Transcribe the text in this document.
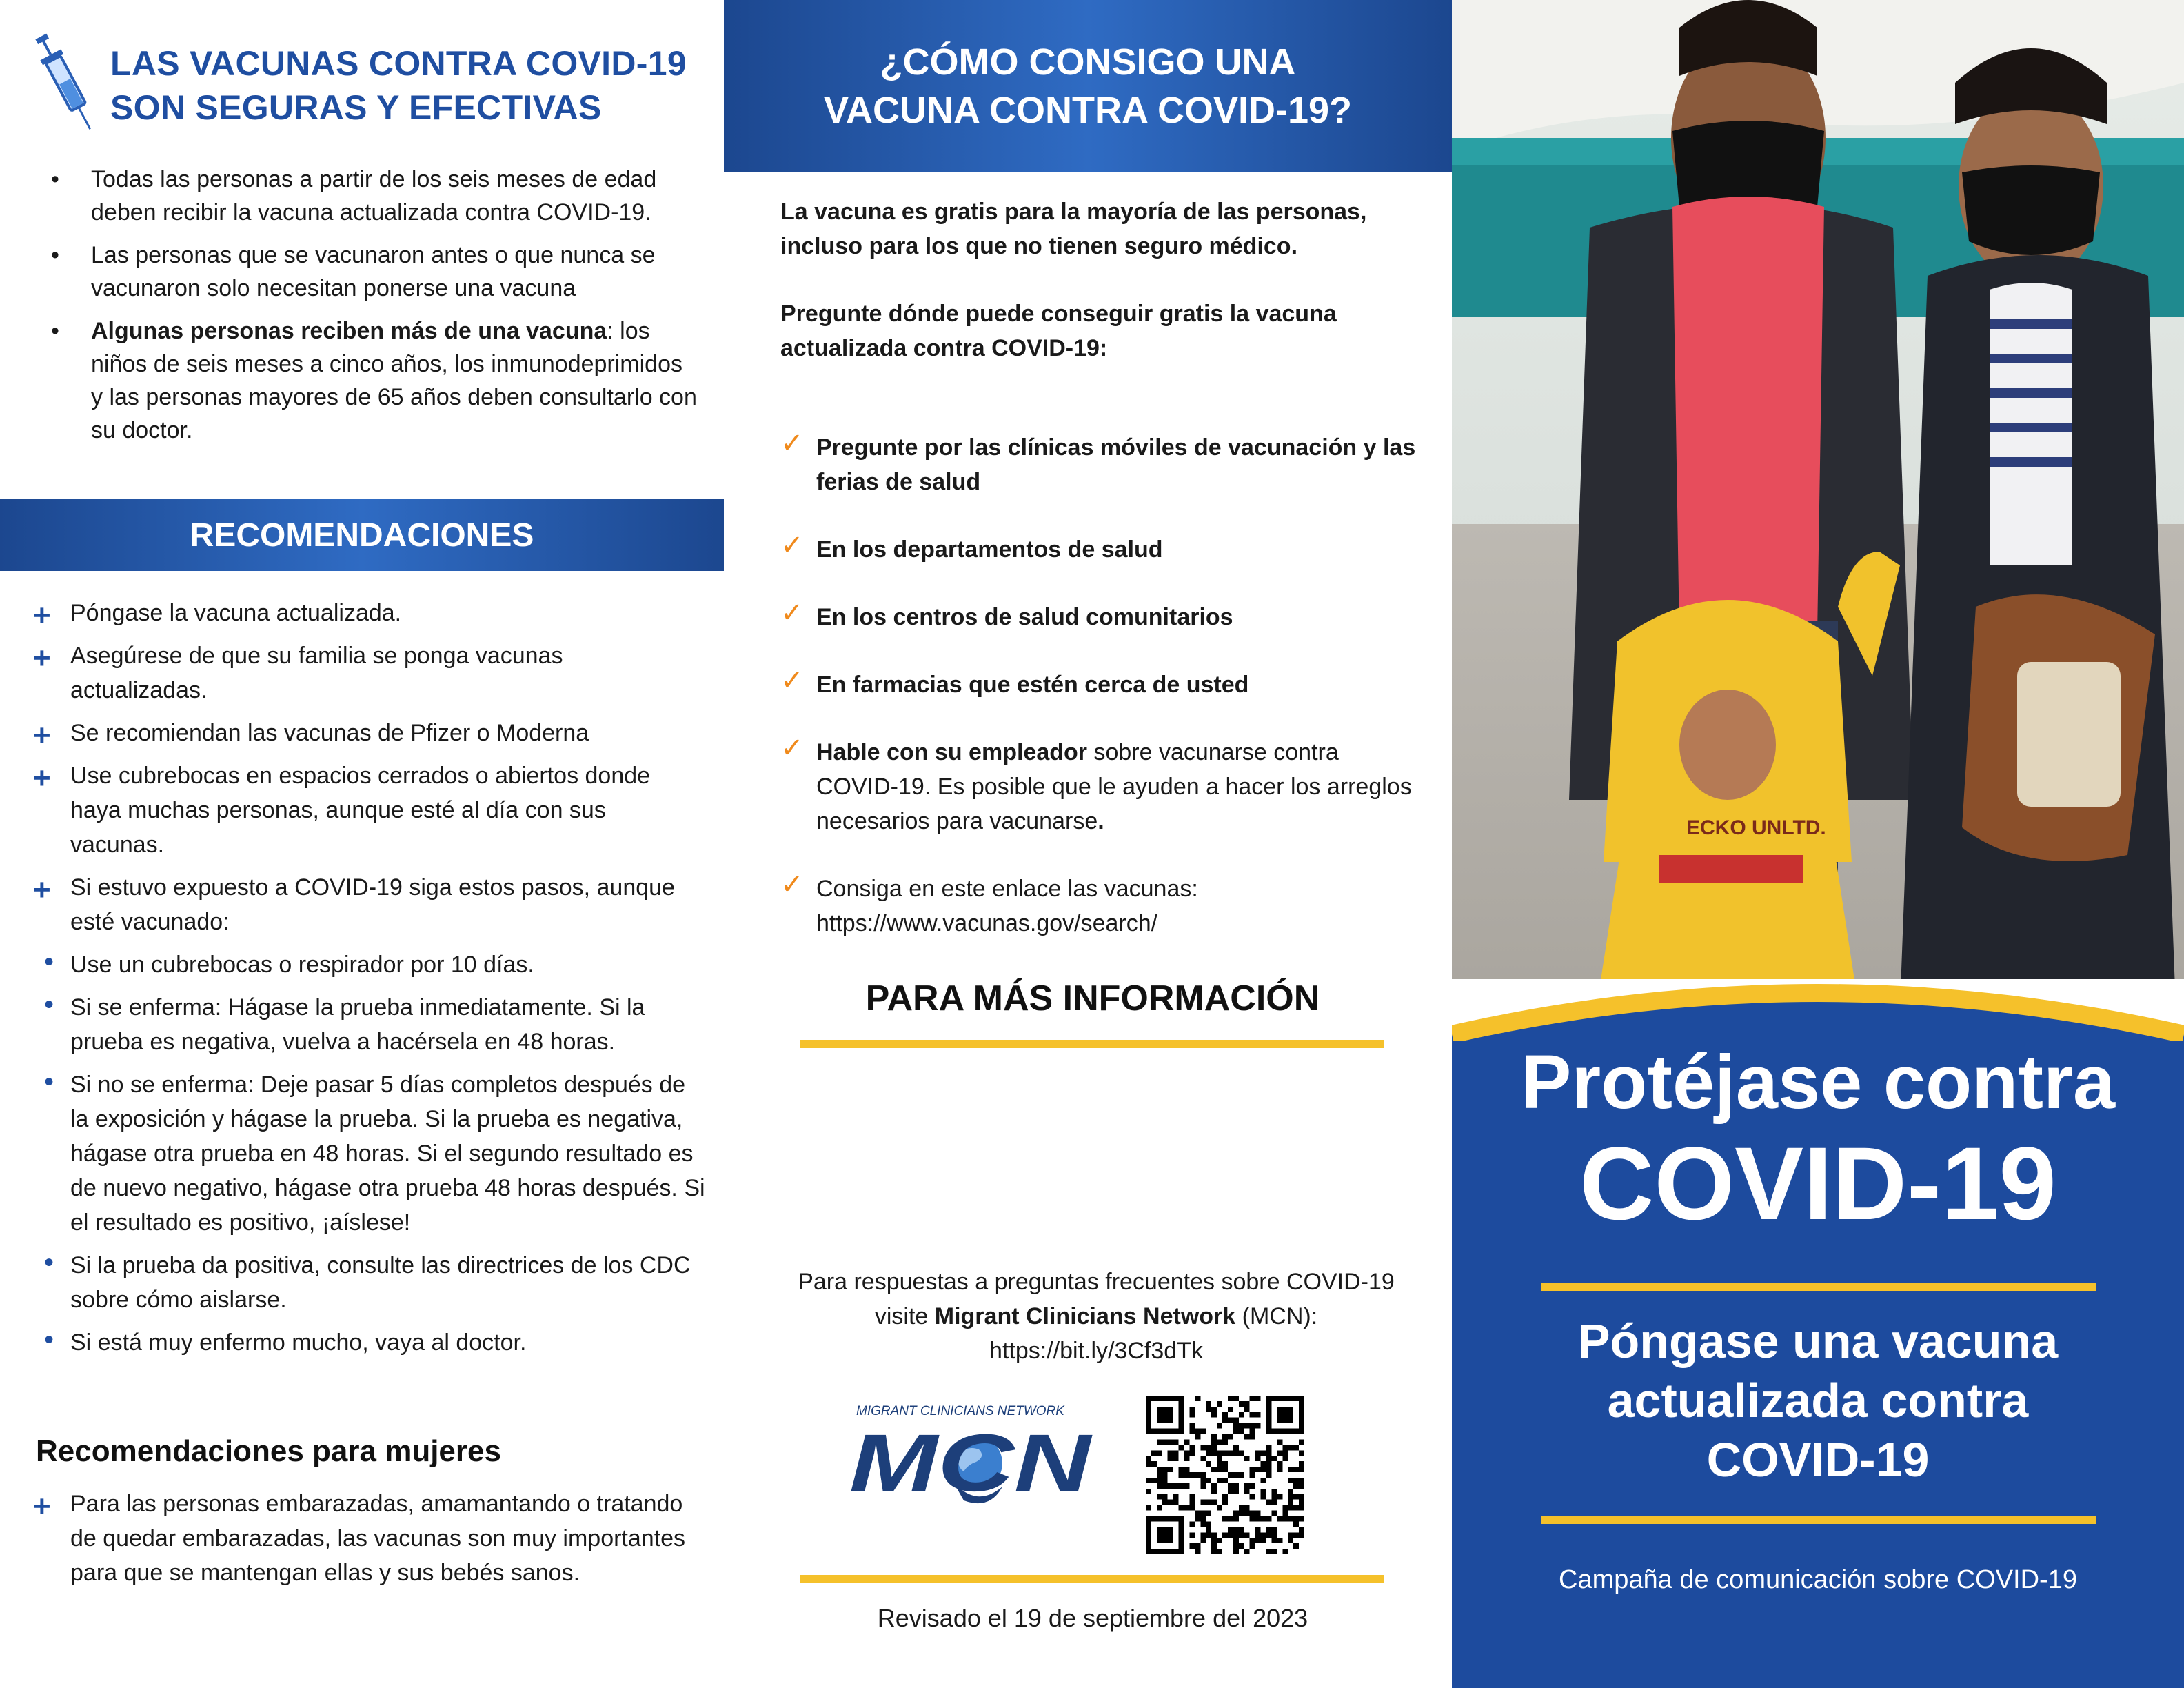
LAS VACUNAS CONTRA COVID-19
SON SEGURAS Y EFECTIVAS
• Todas las personas a partir de los seis meses de edad deben recibir la vacuna actualizada contra COVID-19.
• Las personas que se vacunaron antes o que nunca se vacunaron solo necesitan ponerse una vacuna
• Algunas personas reciben más de una vacuna: los niños de seis meses a cinco años, los inmunodeprimidos y las personas mayores de 65 años deben consultarlo con su doctor.
RECOMENDACIONES
+ Póngase la vacuna actualizada.
+ Asegúrese de que su familia se ponga vacunas actualizadas.
+ Se recomiendan las vacunas de Pfizer o Moderna
+ Use cubrebocas en espacios cerrados o abiertos donde haya muchas personas, aunque esté al día con sus vacunas.
+ Si estuvo expuesto a COVID-19 siga estos pasos, aunque esté vacunado:
• Use un cubrebocas o respirador por 10 días.
• Si se enferma: Hágase la prueba inmediatamente. Si la prueba es negativa, vuelva a hacérsela en 48 horas.
• Si no se enferma: Deje pasar 5 días completos después de la exposición y hágase la prueba. Si la prueba es negativa, hágase otra prueba en 48 horas. Si el segundo resultado es de nuevo negativo, hágase otra prueba 48 horas después. Si el resultado es positivo, ¡aíslese!
• Si la prueba da positiva, consulte las directrices de los CDC sobre cómo aislarse.
• Si está muy enfermo mucho, vaya al doctor.
Recomendaciones para mujeres
+ Para las personas embarazadas, amamantando o tratando de quedar embarazadas, las vacunas son muy importantes para que se mantengan ellas y sus bebés sanos.
¿CÓMO CONSIGO UNA
VACUNA CONTRA COVID-19?

La vacuna es gratis para la mayoría de las personas, incluso para los que no tienen seguro médico.

Pregunte dónde puede conseguir gratis la vacuna actualizada contra COVID-19:

✓ Pregunte por las clínicas móviles de vacunación y las ferias de salud
✓ En los departamentos de salud
✓ En los centros de salud comunitarios
✓ En farmacias que estén cerca de usted
✓ Hable con su empleador sobre vacunarse contra COVID-19. Es posible que le ayuden a hacer los arreglos necesarios para vacunarse.
✓ Consiga en este enlace las vacunas:
https://www.vacunas.gov/search/
PARA MÁS INFORMACIÓN
Para respuestas a preguntas frecuentes sobre COVID-19 visite Migrant Clinicians Network (MCN):
https://bit.ly/3Cf3dTk
MIGRANT CLINICIANS NETWORK
MCN
Revisado el 19 de septiembre del 2023
ECKO UNLTD.
Protéjase contra
COVID-19
Póngase una vacuna
actualizada contra
COVID-19
Campaña de comunicación sobre COVID-19
